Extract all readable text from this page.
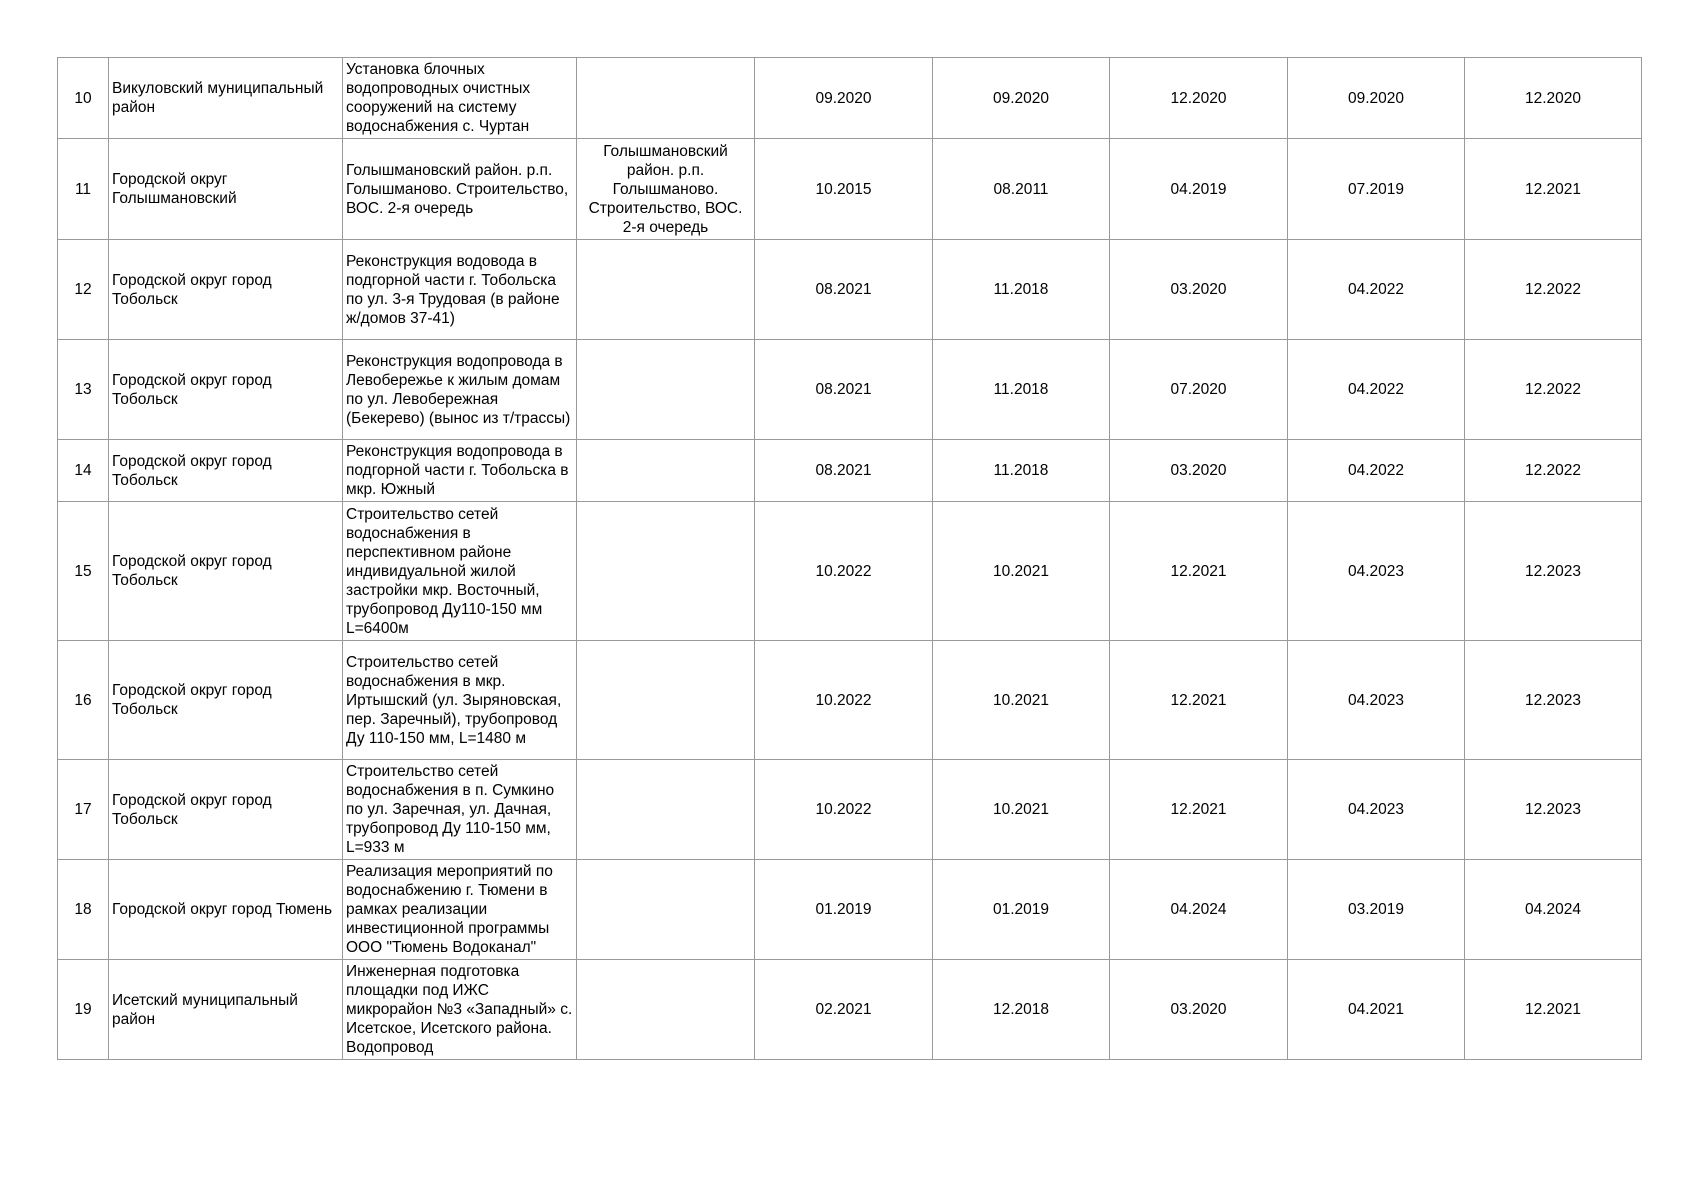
10	Викуловский муниципальный район	Установка блочных водопроводных очистных сооружений на систему водоснабжения с. Чуртан		09.2020	09.2020	12.2020	09.2020	12.2020
11	Городской округ Голышмановский	Голышмановский район. р.п. Голышманово. Строительство, ВОС. 2-я очередь	Голышмановский район. р.п. Голышманово. Строительство, ВОС. 2-я очередь	10.2015	08.2011	04.2019	07.2019	12.2021
12	Городской округ город Тобольск	Реконструкция водовода в подгорной части г. Тобольска по ул. 3-я Трудовая (в районе ж/домов 37-41)		08.2021	11.2018	03.2020	04.2022	12.2022
13	Городской округ город Тобольск	Реконструкция водопровода в Левобережье к жилым домам по ул. Левобережная (Бекерево) (вынос из т/трассы)		08.2021	11.2018	07.2020	04.2022	12.2022
14	Городской округ город Тобольск	Реконструкция водопровода в подгорной части г. Тобольска в мкр. Южный		08.2021	11.2018	03.2020	04.2022	12.2022
15	Городской округ город Тобольск	Строительство сетей водоснабжения в перспективном районе индивидуальной жилой застройки мкр. Восточный, трубопровод Ду110-150 мм L=6400м		10.2022	10.2021	12.2021	04.2023	12.2023
16	Городской округ город Тобольск	Строительство сетей водоснабжения в мкр. Иртышский (ул. Зыряновская, пер. Заречный), трубопровод Ду 110-150 мм, L=1480 м		10.2022	10.2021	12.2021	04.2023	12.2023
17	Городской округ город Тобольск	Строительство сетей водоснабжения в п. Сумкино по ул. Заречная, ул. Дачная, трубопровод Ду 110-150 мм, L=933 м		10.2022	10.2021	12.2021	04.2023	12.2023
18	Городской округ город Тюмень	Реализация мероприятий по водоснабжению г. Тюмени в рамках реализации инвестиционной программы ООО "Тюмень Водоканал"		01.2019	01.2019	04.2024	03.2019	04.2024
19	Исетский муниципальный район	Инженерная подготовка площадки под ИЖС микрорайон №3 «Западный» с. Исетское, Исетского района. Водопровод		02.2021	12.2018	03.2020	04.2021	12.2021
